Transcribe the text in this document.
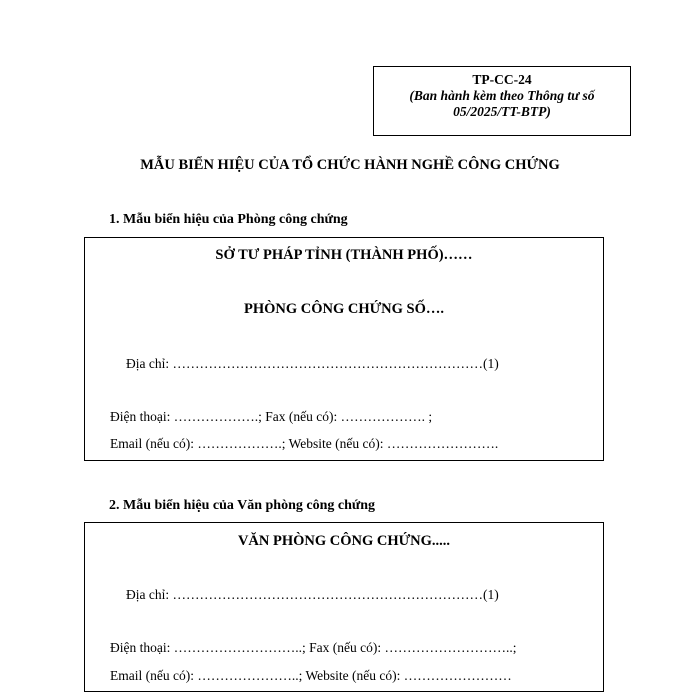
TP-CC-24
(Ban hành kèm theo Thông tư số
05/2025/TT-BTP)
MẪU BIỂN HIỆU CỦA TỔ CHỨC HÀNH NGHỀ CÔNG CHỨNG
1. Mẫu biển hiệu của Phòng công chứng
SỞ TƯ PHÁP TỈNH (THÀNH PHỐ)……
PHÒNG CÔNG CHỨNG SỐ….
Địa chỉ: ……………………………………………………………(1)
Điện thoại: ……………….; Fax (nếu có): ………………. ;
Email (nếu có): ……………….; Website (nếu có): …………………….
2. Mẫu biển hiệu của Văn phòng công chứng
VĂN PHÒNG CÔNG CHỨNG.....
Địa chỉ: ……………………………………………………………(1)
Điện thoại: ………………………..; Fax (nếu có): ………………………..;
Email (nếu có): …………………..; Website (nếu có): ……………………
